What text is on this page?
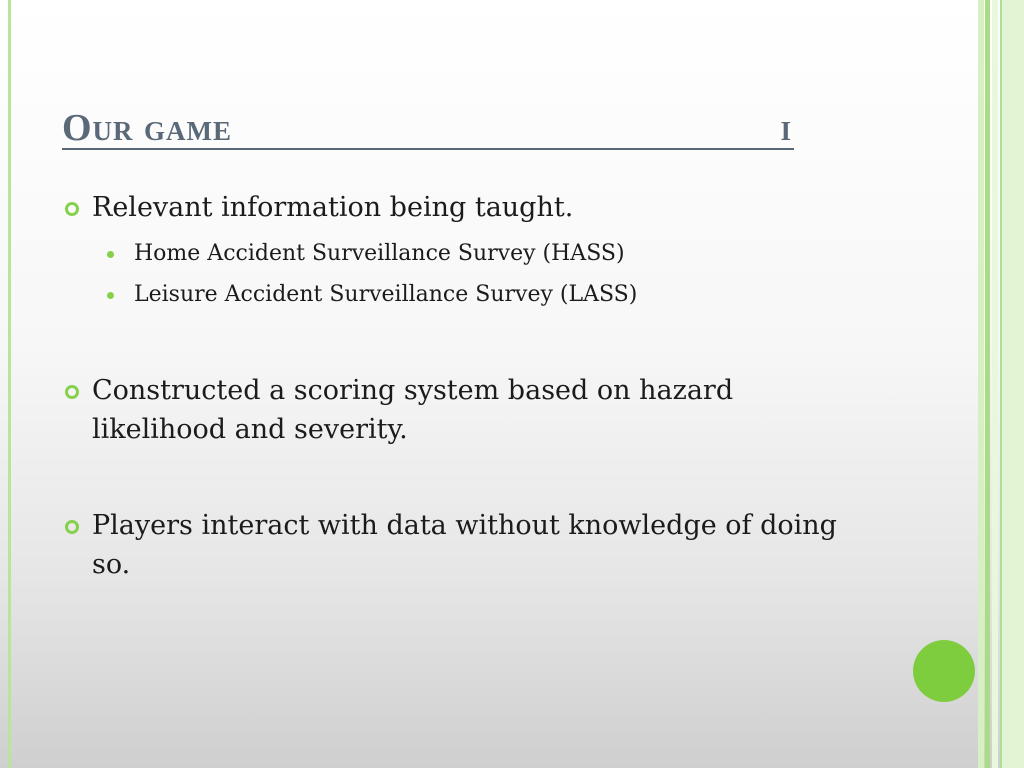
Our game	i
Relevant information being taught.
Home Accident Surveillance Survey (HASS)
Leisure Accident Surveillance Survey (LASS)
Constructed a scoring system based on hazard likelihood and severity.
Players interact with data without knowledge of doing so.
